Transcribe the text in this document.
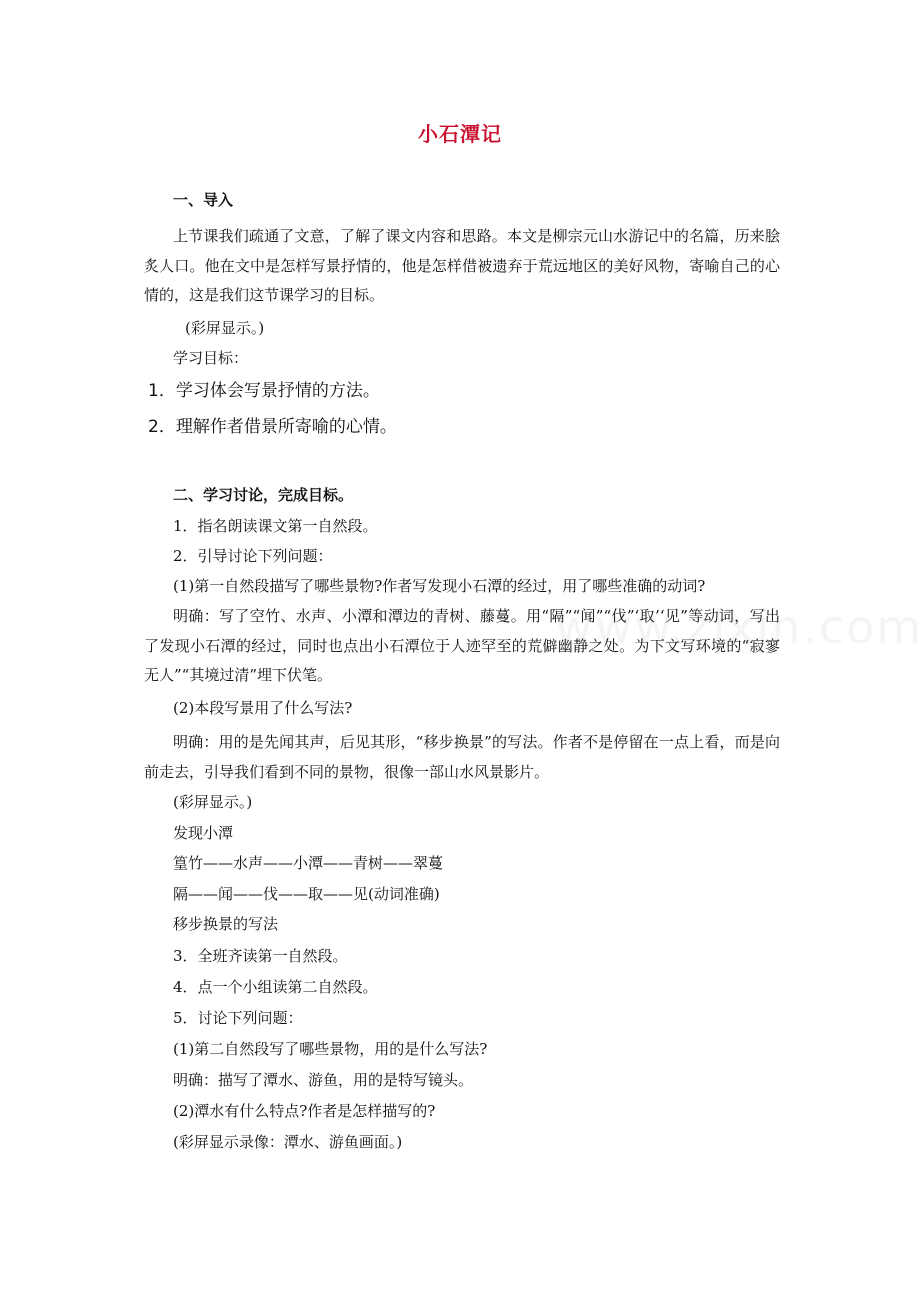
小石潭记
一、导入
上节课我们疏通了文意，了解了课文内容和思路。本文是柳宗元山水游记中的名篇，历来脍炙人口。他在文中是怎样写景抒情的，他是怎样借被遗弃于荒远地区的美好风物，寄喻自己的心情的，这是我们这节课学习的目标。
(彩屏显示。)
学习目标：
1．学习体会写景抒情的方法。
2．理解作者借景所寄喻的心情。
二、学习讨论，完成目标。
1．指名朗读课文第一自然段。
2．引导讨论下列问题：
(1)第一自然段描写了哪些景物?作者写发现小石潭的经过，用了哪些准确的动词?
明确：写了空竹、水声、小潭和潭边的青树、藤蔓。用“隔”“闻”“伐”‘取’‘见”等动词，写出了发现小石潭的经过，同时也点出小石潭位于人迹罕至的荒僻幽静之处。为下文写环境的“寂寥无人”“其境过清”埋下伏笔。
(2)本段写景用了什么写法?
明确：用的是先闻其声，后见其形，“移步换景”的写法。作者不是停留在一点上看，而是向前走去，引导我们看到不同的景物，很像一部山水风景影片。
(彩屏显示。)
发现小潭
篁竹——水声——小潭——青树——翠蔓
隔——闻——伐——取——见(动词准确)
移步换景的写法
3．全班齐读第一自然段。
4．点一个小组读第二自然段。
5．讨论下列问题：
(1)第二自然段写了哪些景物，用的是什么写法?
明确：描写了潭水、游鱼，用的是特写镜头。
(2)潭水有什么特点?作者是怎样描写的?
(彩屏显示录像：潭水、游鱼画面。)
